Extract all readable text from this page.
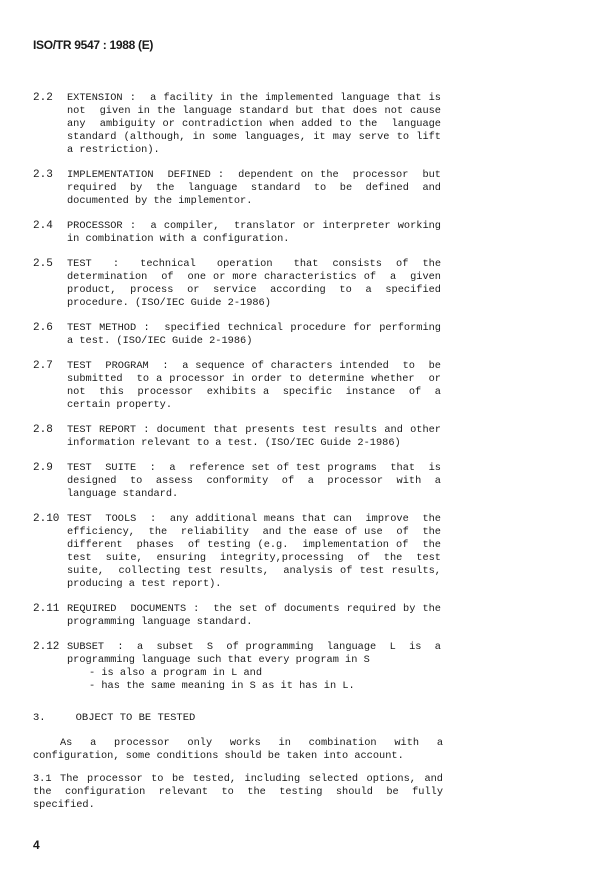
ISO/TR 9547 : 1988 (E)
2.2	EXTENSION :  a facility in the implemented language that is
not  given in the language standard but that does not cause
any  ambiguity or contradiction when added to the  language
standard (although, in some languages, it may serve to lift
a restriction).
2.3	IMPLEMENTATION  DEFINED :  dependent on the  processor  but
required  by  the  language  standard  to  be  defined  and
documented by the implementor.
2.4	PROCESSOR :  a compiler,  translator or interpreter working
in combination with a configuration.
2.5	TEST   :   technical   operation   that  consists  of  the
determination  of  one or more characteristics of  a  given
product,  process  or  service  according  to  a  specified
procedure. (ISO/IEC Guide 2-1986)
2.6	TEST METHOD :  specified technical procedure for performing
a test. (ISO/IEC Guide 2-1986)
2.7	TEST  PROGRAM  :  a sequence of characters intended  to  be
submitted  to a processor in order to determine whether  or
not  this  processor  exhibits a  specific  instance  of  a
certain property.
2.8	TEST REPORT : document that presents test results and other
information relevant to a test. (ISO/IEC Guide 2-1986)
2.9	TEST  SUITE  :  a  reference set of test programs  that  is
designed  to  assess  conformity  of  a  processor  with  a
language standard.
2.10 TEST  TOOLS  :  any additional means that can  improve  the
efficiency,  the  reliability  and the ease of use  of  the
different  phases  of testing (e.g.  implementation of  the
test  suite,  ensuring  integrity,processing  of  the  test
suite,  collecting test results,  analysis of test results,
producing a test report).
2.11 REQUIRED  DOCUMENTS :  the set of documents required by the
programming language standard.
2.12 SUBSET  :  a  subset  S  of programming  language  L  is  a
programming language such that every program in S
- is also a program in L and
- has the same meaning in S as it has in L.
3.	OBJECT TO BE TESTED
As a processor only works in combination with a
configuration, some conditions should be taken into account.
3.1 The processor to be tested, including selected options, and
the configuration relevant to the testing should be fully
specified.
4
